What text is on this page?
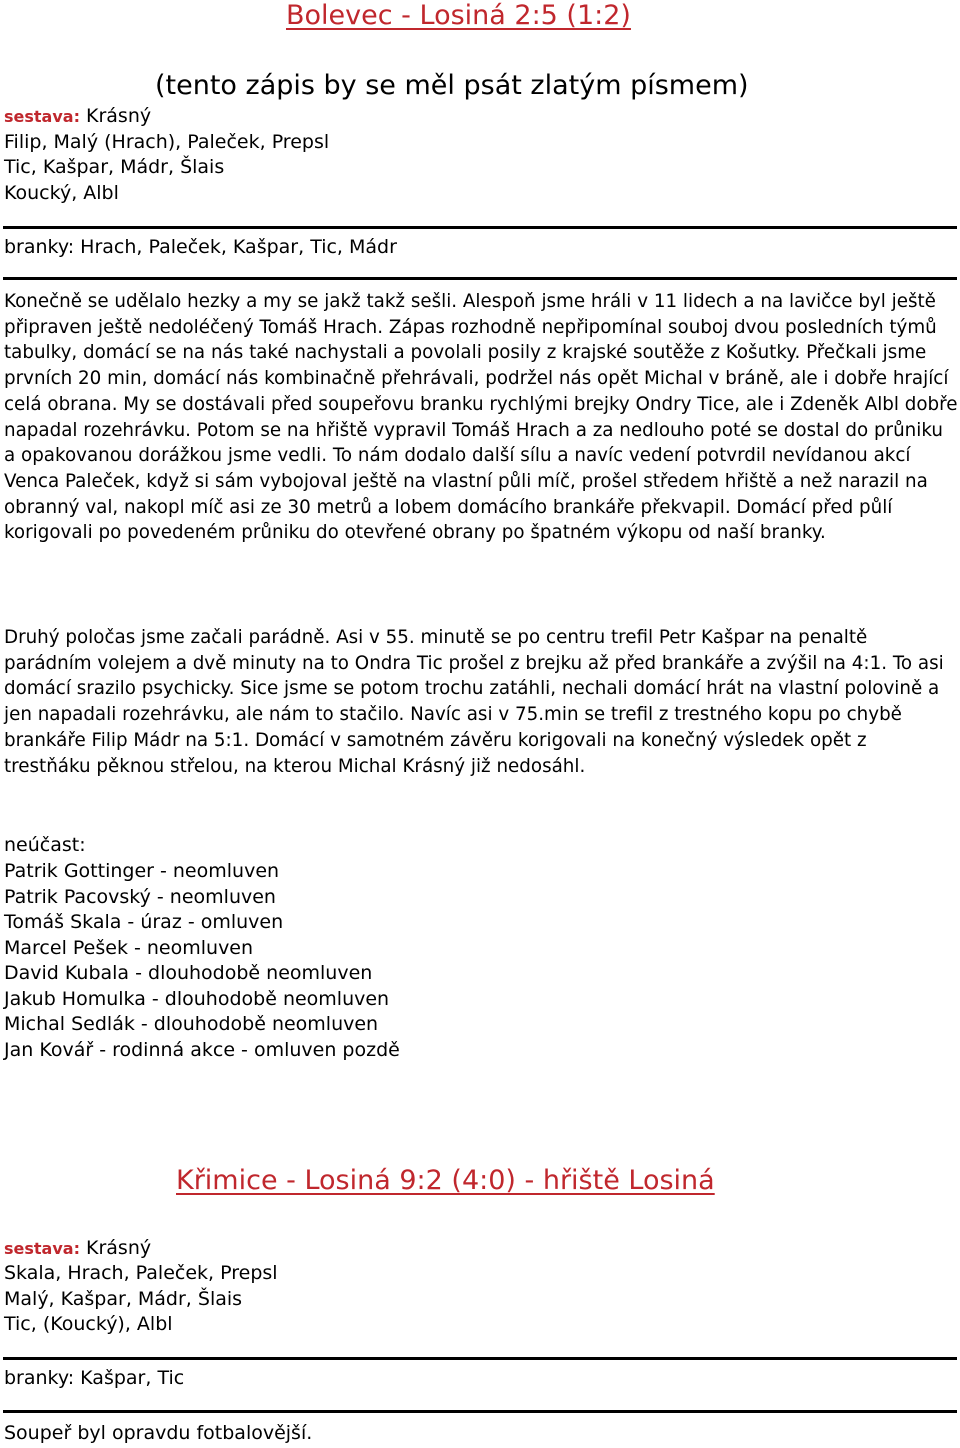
Bolevec - Losiná 2:5 (1:2)
(tento zápis by se měl psát zlatým písmem)
sestava: Krásný
Filip, Malý (Hrach), Paleček, Prepsl
Tic, Kašpar, Mádr, Šlais
Koucký, Albl
branky: Hrach, Paleček, Kašpar, Tic, Mádr
Konečně se udělalo hezky a my se jakž takž sešli. Alespoň jsme hráli v 11 lidech a na lavičce byl ještě připraven ještě nedoléčený Tomáš Hrach. Zápas rozhodně nepřipomínal souboj dvou posledních týmů tabulky, domácí se na nás také nachystali a povolali posily z krajské soutěže z Košutky. Přečkali jsme prvních 20 min, domácí nás kombinačně přehrávali, podržel nás opět Michal v bráně, ale i dobře hrající celá obrana. My se dostávali před soupeřovu branku rychlými brejky Ondry Tice, ale i Zdeněk Albl dobře napadal rozehrávku. Potom se na hřiště vypravil Tomáš Hrach a za nedlouho poté se dostal do průniku a opakovanou dorážkou jsme vedli. To nám dodalo další sílu a navíc vedení potvrdil nevídanou akcí Venca Paleček, když si sám vybojoval ještě na vlastní půli míč, prošel středem hřiště a než narazil na obranný val, nakopl míč asi ze 30 metrů a lobem domácího brankáře překvapil. Domácí před půlí korigovali po povedeném průniku do otevřené obrany po špatném výkopu od naší branky.
Druhý poločas jsme začali parádně. Asi v 55. minutě se po centru trefil Petr Kašpar na penaltě parádním volejem a dvě minuty na to Ondra Tic prošel z brejku až před brankáře a zvýšil na 4:1. To asi domácí srazilo psychicky. Sice jsme se potom trochu zatáhli, nechali domácí hrát na vlastní polovině a jen napadali rozehrávku, ale nám to stačilo. Navíc asi v 75.min se trefil z trestného kopu po chybě brankáře Filip Mádr na 5:1. Domácí v samotném závěru korigovali na konečný výsledek opět z trestňáku pěknou střelou, na kterou Michal Krásný již nedosáhl.
neúčast:
Patrik Gottinger - neomluven
Patrik Pacovský - neomluven
Tomáš Skala - úraz - omluven
Marcel Pešek - neomluven
David Kubala - dlouhodobě neomluven
Jakub Homulka - dlouhodobě neomluven
Michal Sedlák - dlouhodobě neomluven
Jan Kovář - rodinná akce - omluven pozdě
Křimice - Losiná 9:2 (4:0) - hřiště Losiná
sestava: Krásný
Skala, Hrach, Paleček, Prepsl
Malý, Kašpar, Mádr, Šlais
Tic, (Koucký), Albl
branky: Kašpar, Tic
Soupeř byl opravdu fotbalovější.
